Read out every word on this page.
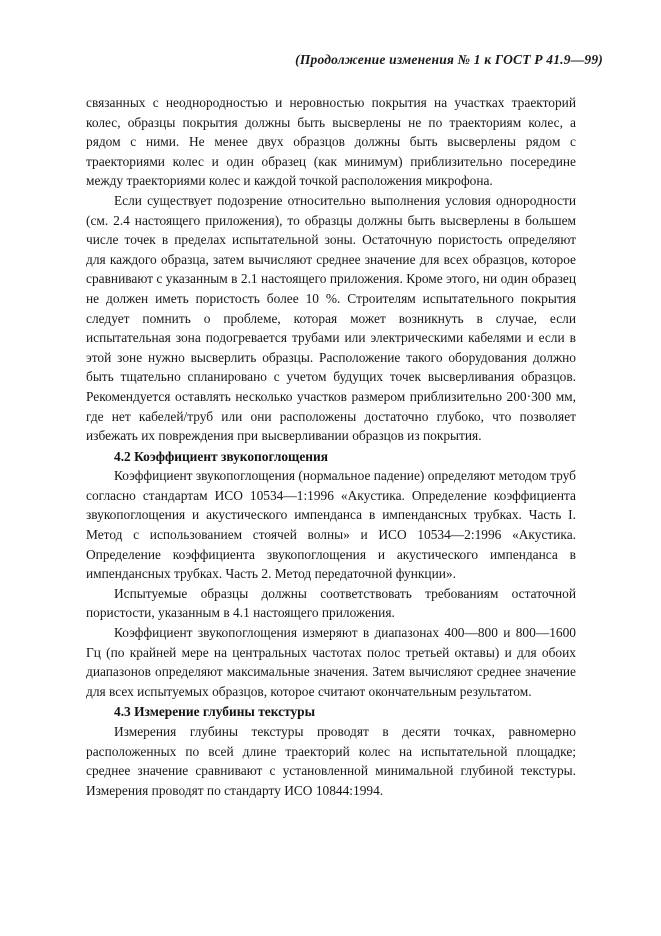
(Продолжение изменения № 1 к ГОСТ Р 41.9—99)

связанных с неоднородностью и неровностью покрытия на участках траекторий колес, образцы покрытия должны быть высверлены не по траекториям колес, а рядом с ними. Не менее двух образцов должны быть высверлены рядом с траекториями колес и один образец (как минимум) приблизительно посередине между траекториями колес и каждой точкой расположения микрофона.

Если существует подозрение относительно выполнения условия однородности (см. 2.4 настоящего приложения), то образцы должны быть высверлены в большем числе точек в пределах испытательной зоны. Остаточную пористость определяют для каждого образца, затем вычисляют среднее значение для всех образцов, которое сравнивают с указанным в 2.1 настоящего приложения. Кроме этого, ни один образец не должен иметь пористость более 10 %. Строителям испытательного покрытия следует помнить о проблеме, которая может возникнуть в случае, если испытательная зона подогревается трубами или электрическими кабелями и если в этой зоне нужно высверлить образцы. Расположение такого оборудования должно быть тщательно спланировано с учетом будущих точек высверливания образцов. Рекомендуется оставлять несколько участков размером приблизительно 200·300 мм, где нет кабелей/труб или они расположены достаточно глубоко, что позволяет избежать их повреждения при высверливании образцов из покрытия.

4.2 Коэффициент звукопоглощения

Коэффициент звукопоглощения (нормальное падение) определяют методом труб согласно стандартам ИСО 10534—1:1996 «Акустика. Определение коэффициента звукопоглощения и акустического импенданса в импендансных трубках. Часть I. Метод с использованием стоячей волны» и ИСО 10534—2:1996 «Акустика. Определение коэффициента звукопоглощения и акустического импенданса в импендансных трубках. Часть 2. Метод передаточной функции».

Испытуемые образцы должны соответствовать требованиям остаточной пористости, указанным в 4.1 настоящего приложения.

Коэффициент звукопоглощения измеряют в диапазонах 400—800 и 800—1600 Гц (по крайней мере на центральных частотах полос третьей октавы) и для обоих диапазонов определяют максимальные значения. Затем вычисляют среднее значение для всех испытуемых образцов, которое считают окончательным результатом.

4.3 Измерение глубины текстуры

Измерения глубины текстуры проводят в десяти точках, равномерно расположенных по всей длине траекторий колес на испытательной площадке; среднее значение сравнивают с установленной минимальной глубиной текстуры. Измерения проводят по стандарту ИСО 10844:1994.
